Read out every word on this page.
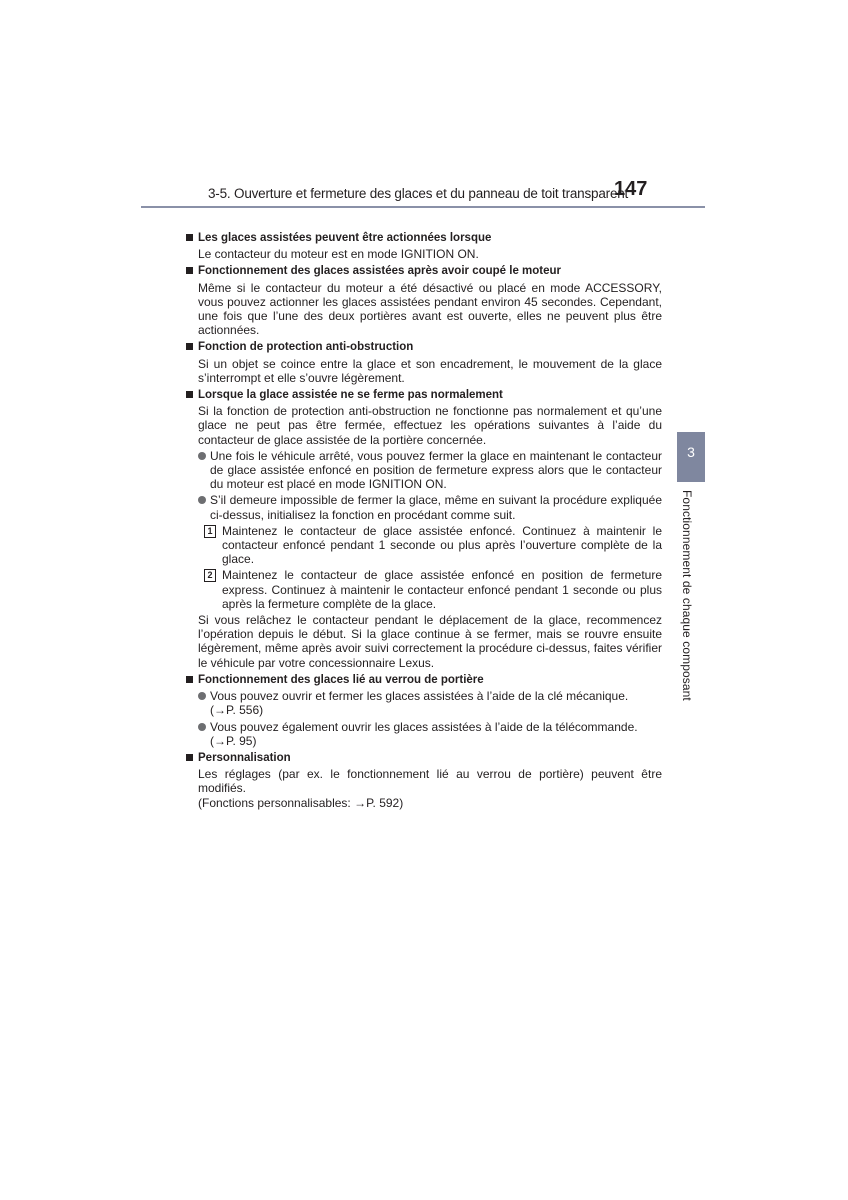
3-5. Ouverture et fermeture des glaces et du panneau de toit transparent
147
3
Fonctionnement de chaque composant
Les glaces assistées peuvent être actionnées lorsque
Le contacteur du moteur est en mode IGNITION ON.
Fonctionnement des glaces assistées après avoir coupé le moteur
Même si le contacteur du moteur a été désactivé ou placé en mode ACCESSORY, vous pouvez actionner les glaces assistées pendant environ 45 secondes. Cependant, une fois que l’une des deux portières avant est ouverte, elles ne peuvent plus être actionnées.
Fonction de protection anti-obstruction
Si un objet se coince entre la glace et son encadrement, le mouvement de la glace s’interrompt et elle s’ouvre légèrement.
Lorsque la glace assistée ne se ferme pas normalement
Si la fonction de protection anti-obstruction ne fonctionne pas normalement et qu’une glace ne peut pas être fermée, effectuez les opérations suivantes à l’aide du contacteur de glace assistée de la portière concernée.
Une fois le véhicule arrêté, vous pouvez fermer la glace en maintenant le contacteur de glace assistée enfoncé en position de fermeture express alors que le contacteur du moteur est placé en mode IGNITION ON.
S’il demeure impossible de fermer la glace, même en suivant la procédure expliquée ci-dessus, initialisez la fonction en procédant comme suit.
1 Maintenez le contacteur de glace assistée enfoncé. Continuez à maintenir le contacteur enfoncé pendant 1 seconde ou plus après l’ouverture complète de la glace.
2 Maintenez le contacteur de glace assistée enfoncé en position de fermeture express. Continuez à maintenir le contacteur enfoncé pendant 1 seconde ou plus après la fermeture complète de la glace.
Si vous relâchez le contacteur pendant le déplacement de la glace, recommencez l’opération depuis le début. Si la glace continue à se fermer, mais se rouvre ensuite légèrement, même après avoir suivi correctement la procédure ci-dessus, faites vérifier le véhicule par votre concessionnaire Lexus.
Fonctionnement des glaces lié au verrou de portière
Vous pouvez ouvrir et fermer les glaces assistées à l’aide de la clé mécanique.
(→P. 556)
Vous pouvez également ouvrir les glaces assistées à l’aide de la télécommande.
(→P. 95)
Personnalisation
Les réglages (par ex. le fonctionnement lié au verrou de portière) peuvent être modifiés.
(Fonctions personnalisables: →P. 592)
